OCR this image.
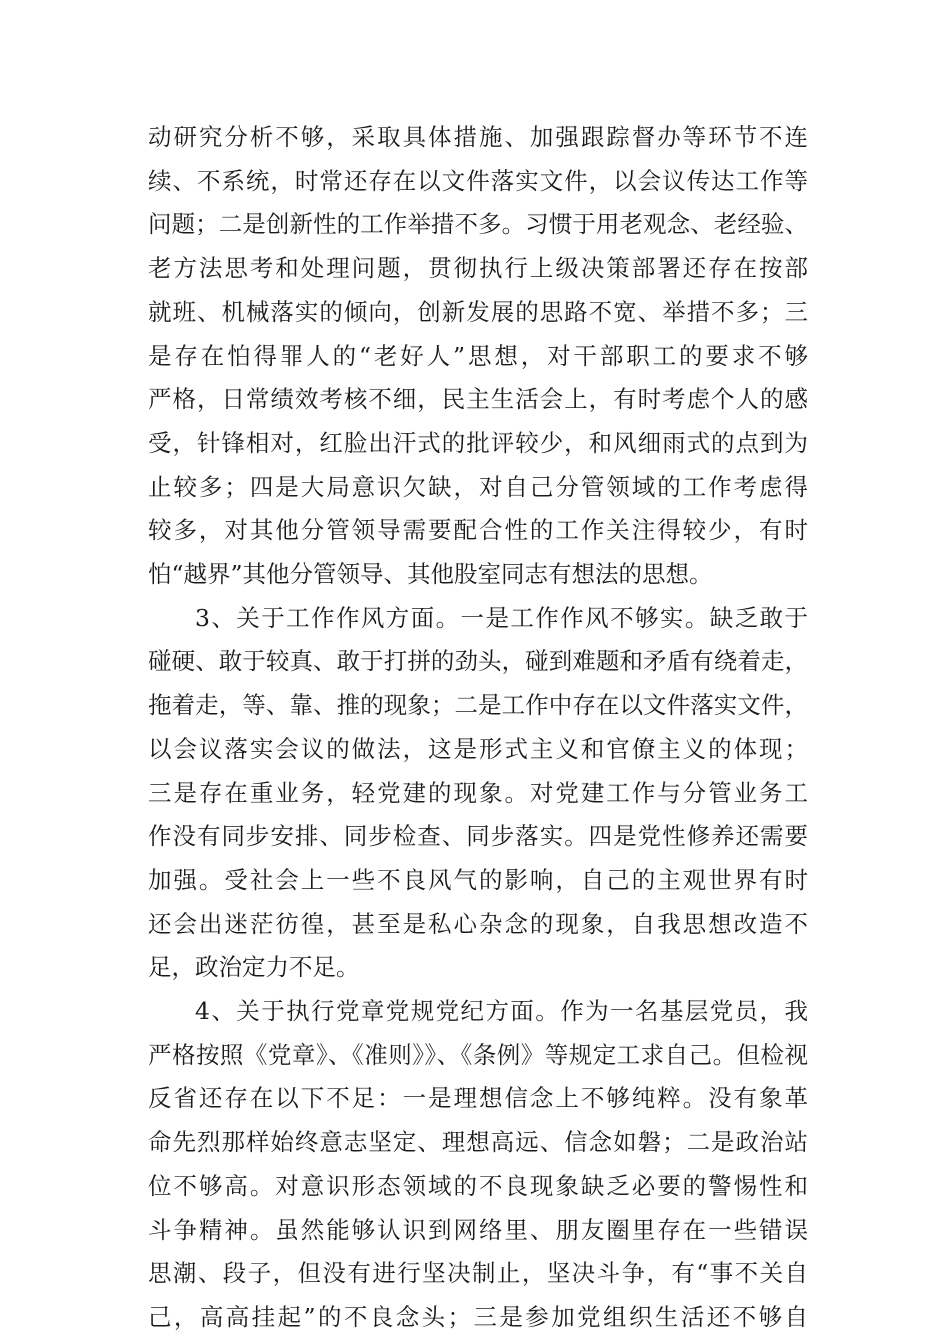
动研究分析不够，采取具体措施、加强跟踪督办等环节不连
续、不系统，时常还存在以文件落实文件，以会议传达工作等
问题；二是创新性的工作举措不多。习惯于用老观念、老经验、
老方法思考和处理问题，贯彻执行上级决策部署还存在按部
就班、机械落实的倾向，创新发展的思路不宽、举措不多；三
是存在怕得罪人的“老好人”思想，对干部职工的要求不够
严格，日常绩效考核不细，民主生活会上，有时考虑个人的感
受，针锋相对，红脸出汗式的批评较少，和风细雨式的点到为
止较多；四是大局意识欠缺，对自己分管领域的工作考虑得
较多，对其他分管领导需要配合性的工作关注得较少，有时
怕“越界”其他分管领导、其他股室同志有想法的思想。
3、关于工作作风方面。一是工作作风不够实。缺乏敢于
碰硬、敢于较真、敢于打拼的劲头，碰到难题和矛盾有绕着走，
拖着走，等、靠、推的现象；二是工作中存在以文件落实文件，
以会议落实会议的做法，这是形式主义和官僚主义的体现；
三是存在重业务，轻党建的现象。对党建工作与分管业务工
作没有同步安排、同步检查、同步落实。四是党性修养还需要
加强。受社会上一些不良风气的影响，自己的主观世界有时
还会出迷茫彷徨，甚至是私心杂念的现象，自我思想改造不
足，政治定力不足。
4、关于执行党章党规党纪方面。作为一名基层党员，我
严格按照《党章》、《准则》》、《条例》等规定工求自己。但检视
反省还存在以下不足：一是理想信念上不够纯粹。没有象革
命先烈那样始终意志坚定、理想高远、信念如磐；二是政治站
位不够高。对意识形态领域的不良现象缺乏必要的警惕性和
斗争精神。虽然能够认识到网络里、朋友圈里存在一些错误
思潮、段子，但没有进行坚决制止，坚决斗争，有“事不关自
己，高高挂起”的不良念头；三是参加党组织生活还不够自
